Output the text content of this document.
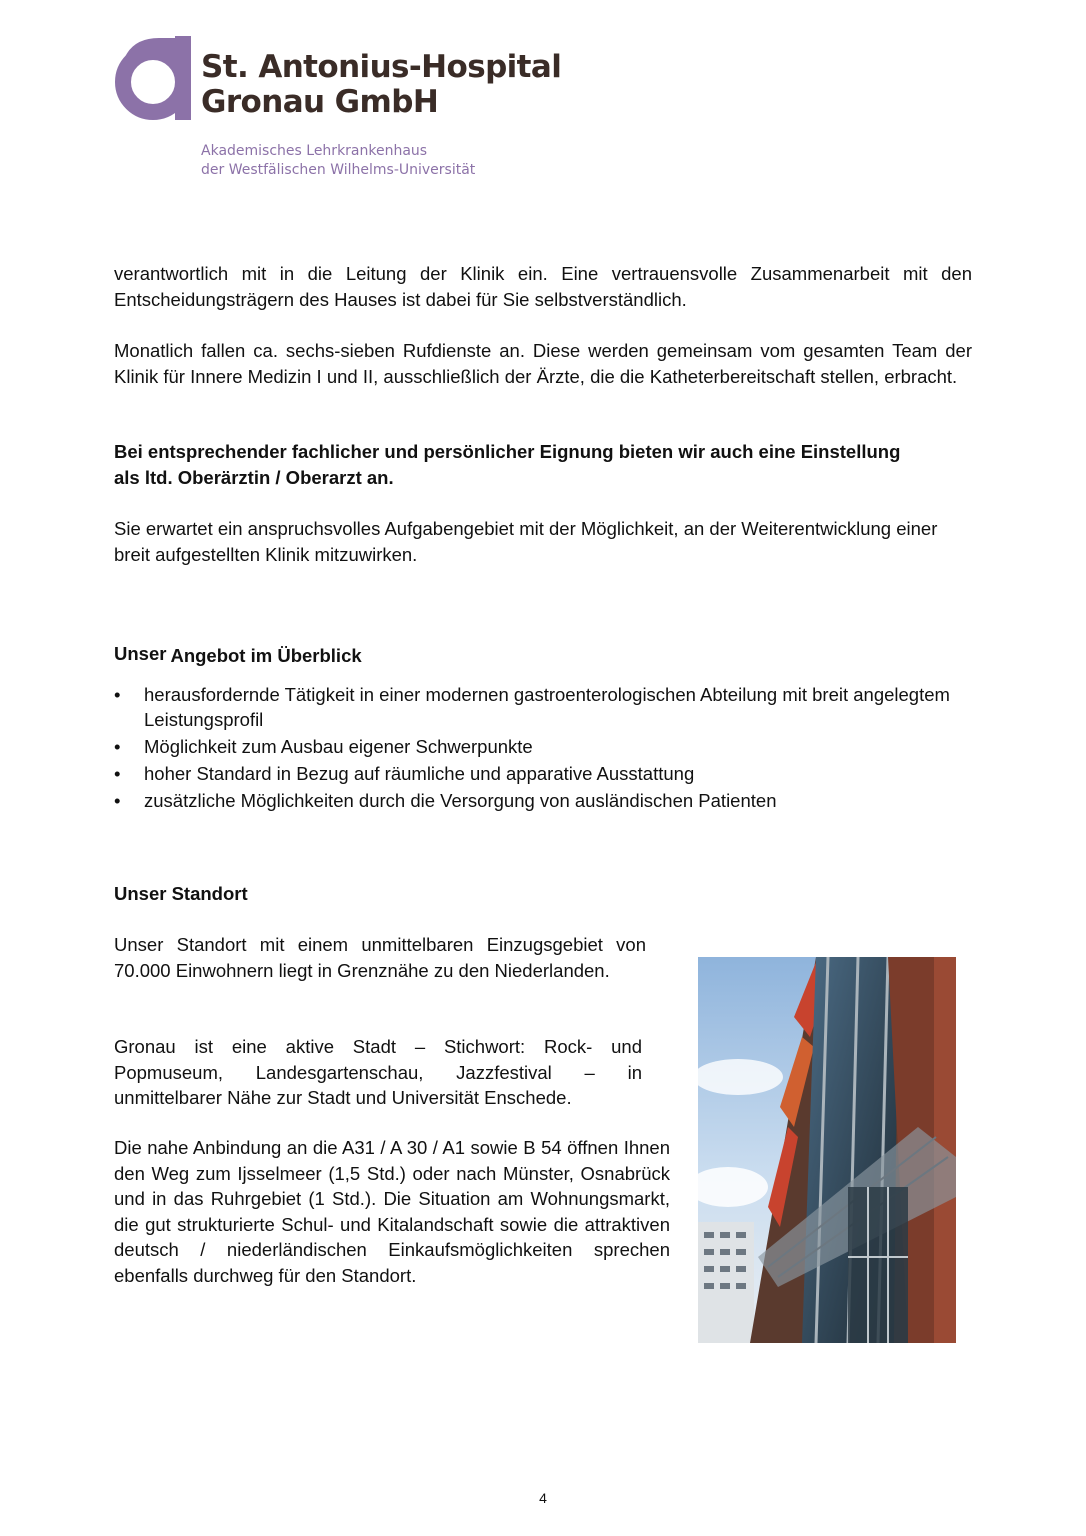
St. Antonius-Hospital
Gronau GmbH
Akademisches Lehrkrankenhaus
der Westfälischen Wilhelms-Universität

verantwortlich mit in die Leitung der Klinik ein. Eine vertrauensvolle Zusammenarbeit mit den Entscheidungsträgern des Hauses ist dabei für Sie selbstverständlich.

Monatlich fallen ca. sechs-sieben Rufdienste an. Diese werden gemeinsam vom gesamten Team der Klinik für Innere Medizin I und II, ausschließlich der Ärzte, die die Katheterbereitschaft stellen, erbracht.

Bei entsprechender fachlicher und persönlicher Eignung bieten wir auch eine Einstellung als ltd. Oberärztin / Oberarzt an.

Sie erwartet ein anspruchsvolles Aufgabengebiet mit der Möglichkeit, an der Weiterentwicklung einer breit aufgestellten Klinik mitzuwirken.

Unser Angebot im Überblick
• herausfordernde Tätigkeit in einer modernen gastroenterologischen Abteilung mit breit angelegtem Leistungsprofil
• Möglichkeit zum Ausbau eigener Schwerpunkte
• hoher Standard in Bezug auf räumliche und apparative Ausstattung
• zusätzliche Möglichkeiten durch die Versorgung von ausländischen Patienten
Unser Standort

Unser Standort mit einem unmittelbaren Einzugsgebiet von 70.000 Einwohnern liegt in Grenznähe zu den Niederlanden.

Gronau ist eine aktive Stadt – Stichwort: Rock- und Popmuseum, Landesgartenschau, Jazzfestival – in unmittelbarer Nähe zur Stadt und Universität Enschede.

Die nahe Anbindung an die A31 / A 30 / A1 sowie B 54 öffnen Ihnen den Weg zum Ijsselmeer (1,5 Std.) oder nach Münster, Osnabrück und in das Ruhrgebiet (1 Std.). Die Situation am Wohnungsmarkt, die gut strukturierte Schul- und Kitalandschaft sowie die attraktiven deutsch / niederländischen Einkaufsmöglichkeiten sprechen ebenfalls durchweg für den Standort.

4
